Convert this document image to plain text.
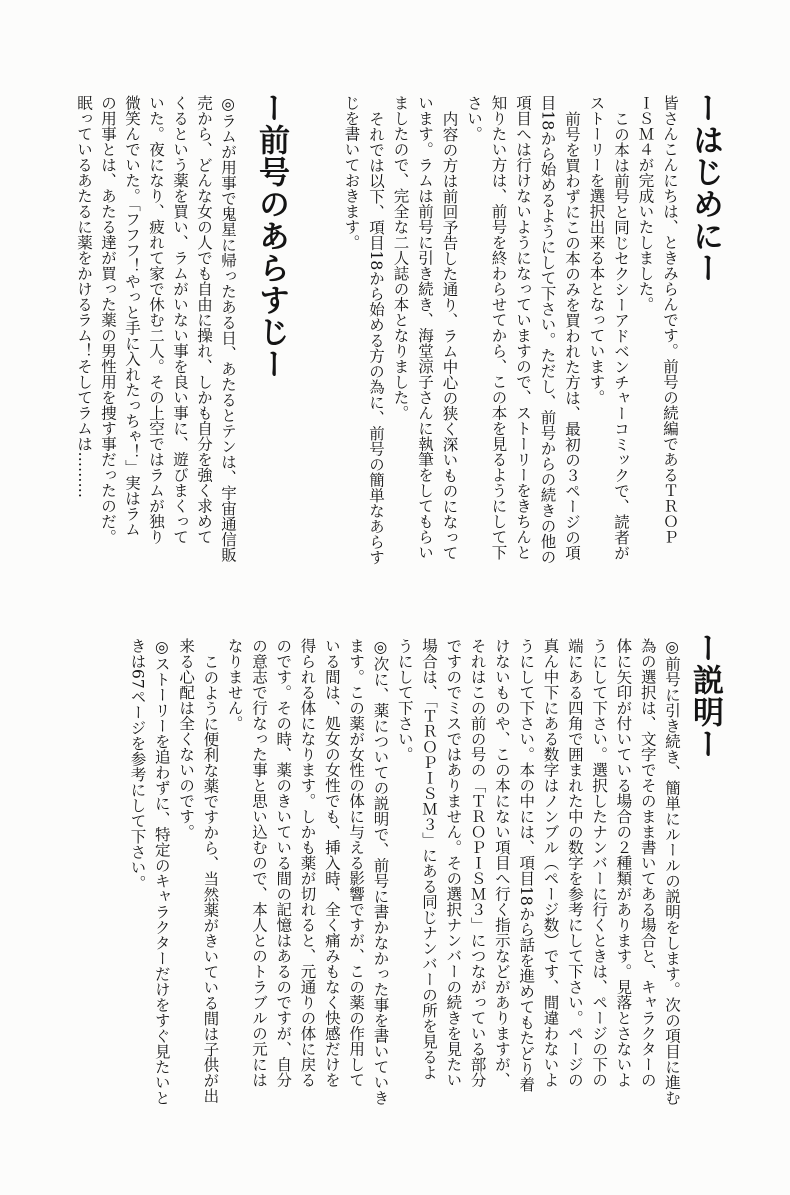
ーはじめにー
皆さんこんにちは、ときみらんです。前号の続編であるＴＲＯＰ
ＩＳＭ４が完成いたしました。
この本は前号と同じセクシーアドベンチャーコミックで、読者が
ストーリーを選択出来る本となっています。
前号を買わずにこの本のみを買われた方は、最初の３ページの項
目18から始めるようにして下さい。ただし、前号からの続きの他の
項目へは行けないようになっていますので、ストーリーをきちんと
知りたい方は、前号を終わらせてから、この本を見るようにして下
さい。
内容の方は前回予告した通り、ラム中心の狭く深いものになって
います。ラムは前号に引き続き、海堂涼子さんに執筆をしてもらい
ましたので、完全な二人誌の本となりました。
それでは以下、項目18から始める方の為に、前号の簡単なあらす
じを書いておきます。
ー前号のあらすじー
◎ラムが用事で鬼星に帰ったある日、あたるとテンは、宇宙通信販
売から、どんな女の人でも自由に操れ、しかも自分を強く求めて
くるという薬を買い、ラムがいない事を良い事に、遊びまくって
いた。夜になり、疲れて家で休む二人。その上空ではラムが独り
微笑んでいた。「フフフ！やっと手に入れたっちゃ！」実はラム
の用事とは、あたる達が買った薬の男性用を捜す事だったのだ。
眠っているあたるに薬をかけるラム！そしてラムは………
ー説明ー
◎前号に引き続き、簡単にルールの説明をします。次の項目に進む
為の選択は、文字でそのまま書いてある場合と、キャラクターの
体に矢印が付いている場合の２種類があります。見落とさないよ
うにして下さい。選択したナンバーに行くときは、ページの下の
端にある四角で囲まれた中の数字を参考にして下さい。ページの
真ん中下にある数字はノンブル（ページ数）です、間違わないよ
うにして下さい。本の中には、項目18から話を進めてもたどり着
けないものや、この本にない項目へ行く指示などがありますが、
それはこの前の号の「ＴＲＯＰＩＳＭ３」につながっている部分
ですのでミスではありません。その選択ナンバーの続きを見たい
場合は、「ＴＲＯＰＩＳＭ３」にある同じナンバーの所を見るよ
うにして下さい。
◎次に、薬についての説明で、前号に書かなかった事を書いていき
ます。この薬が女性の体に与える影響ですが、この薬の作用して
いる間は、処女の女性でも、挿入時、全く痛みもなく快感だけを
得られる体になります。しかも薬が切れると、元通りの体に戻る
のです。その時、薬のきいている間の記憶はあるのですが、自分
の意志で行なった事と思い込むので、本人とのトラブルの元には
なりません。
このように便利な薬ですから、当然薬がきいている間は子供が出
来る心配は全くないのです。
◎ストーリーを追わずに、特定のキャラクターだけをすぐ見たいと
きは67ページを参考にして下さい。
